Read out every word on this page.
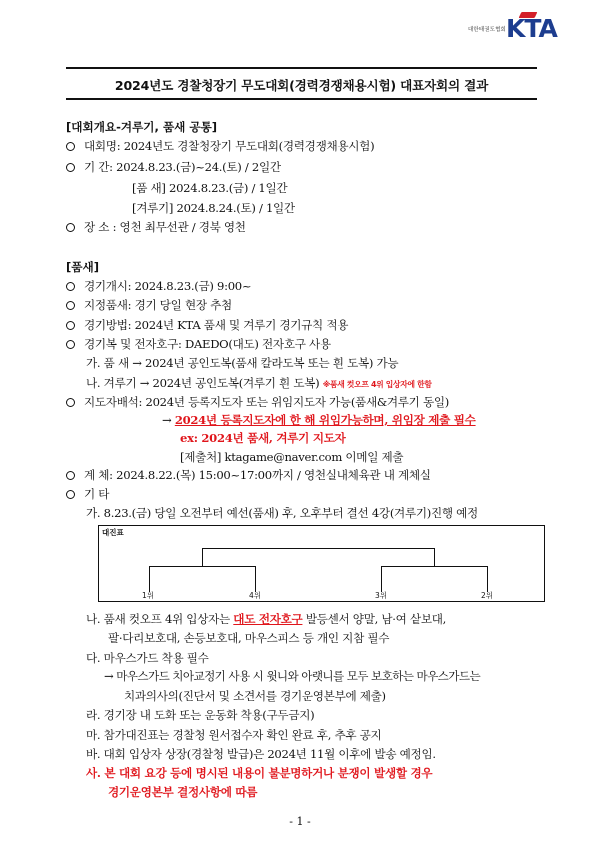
대한태권도협회 KTA
2024년도 경찰청장기 무도대회(경력경쟁채용시험) 대표자회의 결과
[대회개요-겨루기, 품새 공통]
대회명: 2024년도 경찰청장기 무도대회(경력경쟁채용시험)
기 간: 2024.8.23.(금)~24.(토) / 2일간
[품 새] 2024.8.23.(금) / 1일간
[겨루기] 2024.8.24.(토) / 1일간
장 소 : 영천 최무선관 / 경북 영천
[품새]
경기개시: 2024.8.23.(금) 9:00~
지정품새: 경기 당일 현장 추첨
경기방법: 2024년 KTA 품새 및 겨루기 경기규칙 적용
경기복 및 전자호구: DAEDO(대도) 전자호구 사용
가. 품 새 → 2024년 공인도복(품새 칼라도복 또는 흰 도복) 가능
나. 겨루기 → 2024년 공인도복(겨루기 흰 도복) ※품새 컷오프 4위 입상자에 한함
지도자배석: 2024년 등록지도자 또는 위임지도자 가능(품새&겨루기 동일)
→ 2024년 등록지도자에 한 해 위임가능하며, 위임장 제출 필수
ex: 2024년 품새, 겨루기 지도자
[제출처] ktagame@naver.com 이메일 제출
계 체: 2024.8.22.(목) 15:00~17:00까지 / 영천실내체육관 내 계체실
기 타
가. 8.23.(금) 당일 오전부터 예선(품새) 후, 오후부터 결선 4강(겨루기)진행 예정
대진표
1위	4위	3위	2위
나. 품새 컷오프 4위 입상자는 대도 전자호구 발등센서 양말, 남·여 샅보대,
팔·다리보호대, 손등보호대, 마우스피스 등 개인 지참 필수
다. 마우스가드 착용 필수
→ 마우스가드 치아교정기 사용 시 윗니와 아랫니를 모두 보호하는 마우스가드는
치과의사의(진단서 및 소견서를 경기운영본부에 제출)
라. 경기장 내 도화 또는 운동화 착용(구두금지)
마. 참가대진표는 경찰청 원서접수자 확인 완료 후, 추후 공지
바. 대회 입상자 상장(경찰청 발급)은 2024년 11월 이후에 발송 예정임.
사. 본 대회 요강 등에 명시된 내용이 불분명하거나 분쟁이 발생할 경우
경기운영본부 결정사항에 따름
- 1 -
